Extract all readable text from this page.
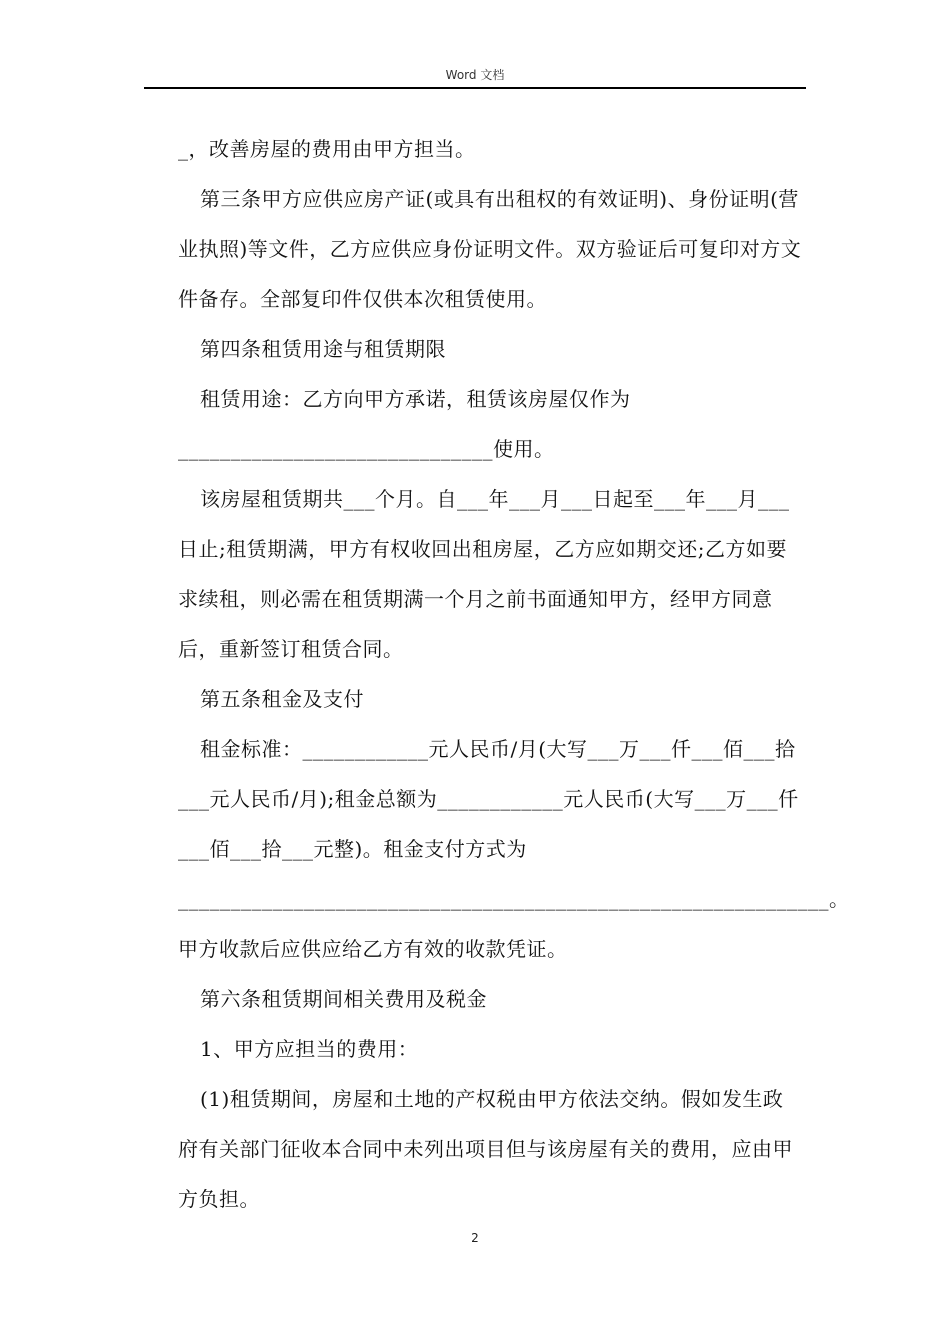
Word 文档

_，改善房屋的费用由甲方担当。

第三条甲方应供应房产证(或具有出租权的有效证明)、身份证明(营业执照)等文件，乙方应供应身份证明文件。双方验证后可复印对方文件备存。全部复印件仅供本次租赁使用。

第四条租赁用途与租赁期限

租赁用途：乙方向甲方承诺，租赁该房屋仅作为______________________________使用。

该房屋租赁期共___个月。自___年___月___日起至___年___月___日止;租赁期满，甲方有权收回出租房屋，乙方应如期交还;乙方如要求续租，则必需在租赁期满一个月之前书面通知甲方，经甲方同意后，重新签订租赁合同。

第五条租金及支付

租金标准：____________元人民币/月(大写___万___仟___佰___拾___元人民币/月);租金总额为____________元人民币(大写___万___仟___佰___拾___元整)。租金支付方式为______________________________________________________________。甲方收款后应供应给乙方有效的收款凭证。

第六条租赁期间相关费用及税金

1、甲方应担当的费用：

(1)租赁期间，房屋和土地的产权税由甲方依法交纳。假如发生政府有关部门征收本合同中未列出项目但与该房屋有关的费用，应由甲方负担。

2
